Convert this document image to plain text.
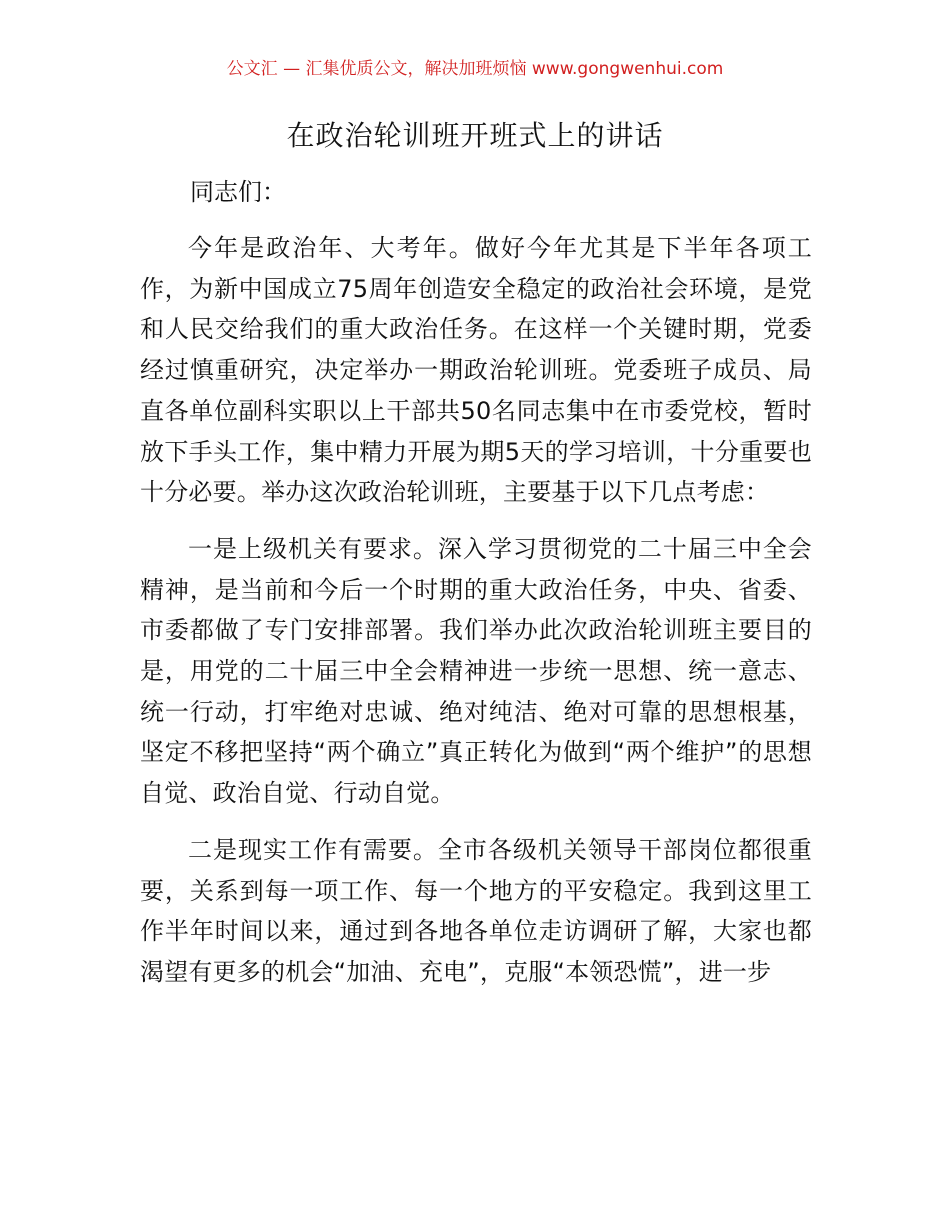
公文汇 — 汇集优质公文，解决加班烦恼 www.gongwenhui.com
在政治轮训班开班式上的讲话

同志们：

今年是政治年、大考年。做好今年尤其是下半年各项工作，为新中国成立75周年创造安全稳定的政治社会环境，是党和人民交给我们的重大政治任务。在这样一个关键时期，党委经过慎重研究，决定举办一期政治轮训班。党委班子成员、局直各单位副科实职以上干部共50名同志集中在市委党校，暂时放下手头工作，集中精力开展为期5天的学习培训，十分重要也十分必要。举办这次政治轮训班，主要基于以下几点考虑：

一是上级机关有要求。深入学习贯彻党的二十届三中全会精神，是当前和今后一个时期的重大政治任务，中央、省委、市委都做了专门安排部署。我们举办此次政治轮训班主要目的是，用党的二十届三中全会精神进一步统一思想、统一意志、统一行动，打牢绝对忠诚、绝对纯洁、绝对可靠的思想根基，坚定不移把坚持“两个确立”真正转化为做到“两个维护”的思想自觉、政治自觉、行动自觉。

二是现实工作有需要。全市各级机关领导干部岗位都很重要，关系到每一项工作、每一个地方的平安稳定。我到这里工作半年时间以来，通过到各地各单位走访调研了解，大家也都渴望有更多的机会“加油、充电”，克服“本领恐慌”，进一步
